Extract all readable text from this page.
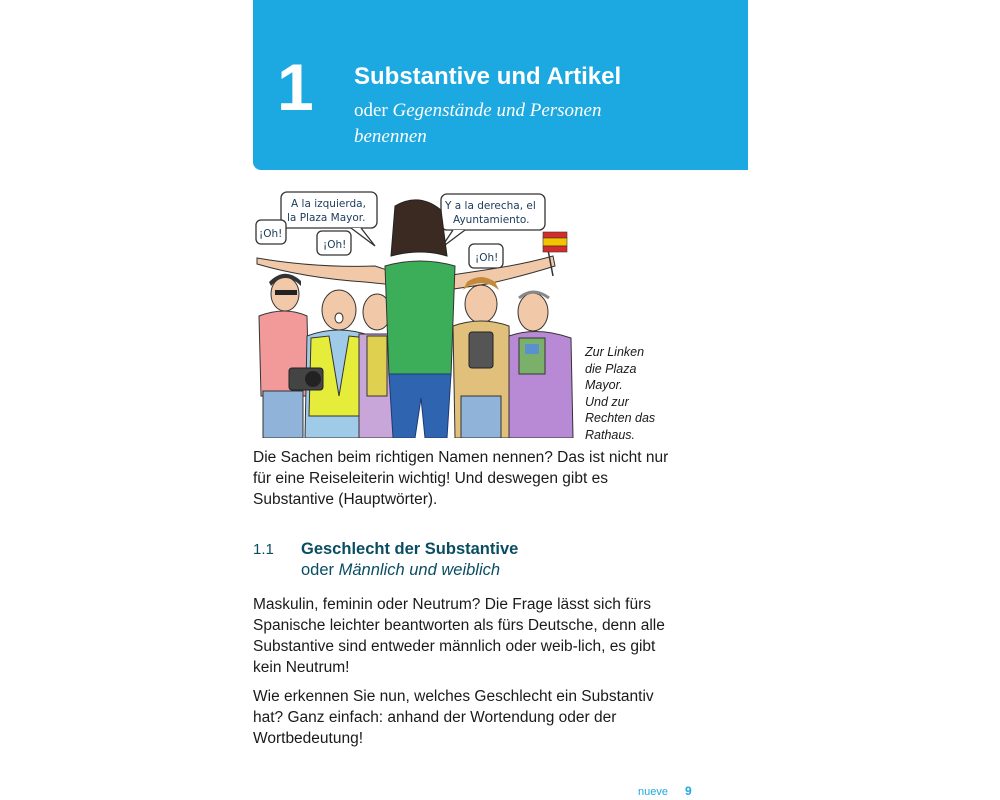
1 Substantive und Artikel
oder Gegenstände und Personen benennen
A la izquierda,
la Plaza Mayor.
Y a la derecha, el
Ayuntamiento.
¡Oh!
¡Oh!
¡Oh!
Zur Linken
die Plaza
Mayor.
Und zur
Rechten das
Rathaus.

Die Sachen beim richtigen Namen nennen? Das ist nicht nur für eine Reiseleiterin wichtig! Und deswegen gibt es Substantive (Hauptwörter).

1.1 Geschlecht der Substantive
oder Männlich und weiblich

Maskulin, feminin oder Neutrum? Die Frage lässt sich fürs Spanische leichter beantworten als fürs Deutsche, denn alle Substantive sind entweder männlich oder weib-lich, es gibt kein Neutrum!

Wie erkennen Sie nun, welches Geschlecht ein Substantiv hat? Ganz einfach: anhand der Wortendung oder der Wortbedeutung!

nueve 9
